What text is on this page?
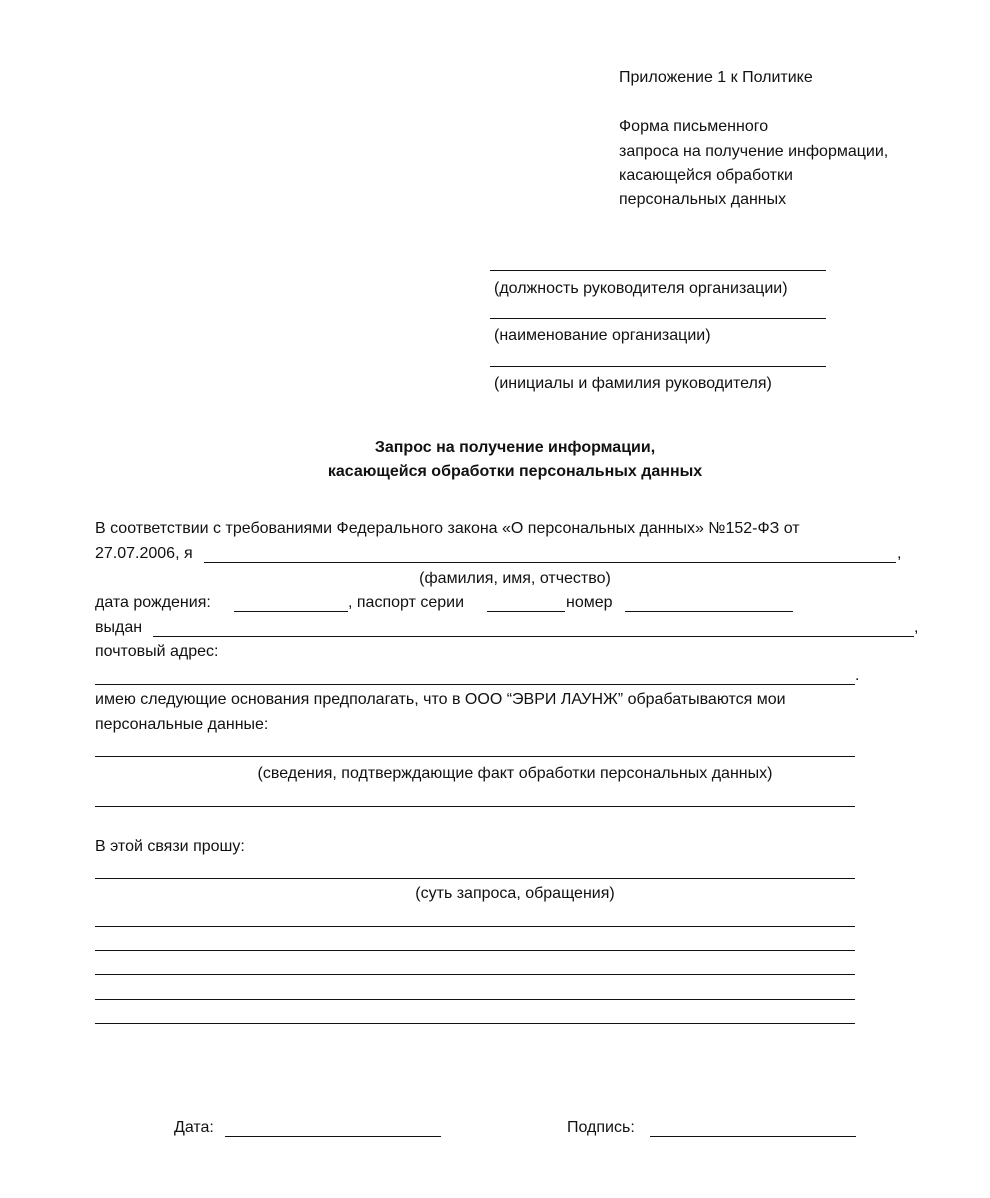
Приложение 1 к Политике
Форма письменного
запроса на получение информации,
касающейся обработки
персональных данных
(должность руководителя организации)
(наименование организации)
(инициалы и фамилия руководителя)
Запрос на получение информации,
касающейся обработки персональных данных
В соответствии с требованиями Федерального закона «О персональных данных» №152-ФЗ от
27.07.2006, я	,
(фамилия, имя, отчество)
дата рождения:	, паспорт серии	номер
выдан	,
почтовый адрес:
.
имею следующие основания предполагать, что в ООО “ЭВРИ ЛАУНЖ” обрабатываются мои
персональные данные:
(сведения, подтверждающие факт обработки персональных данных)
В этой связи прошу:
(суть запроса, обращения)
Дата:	Подпись:
